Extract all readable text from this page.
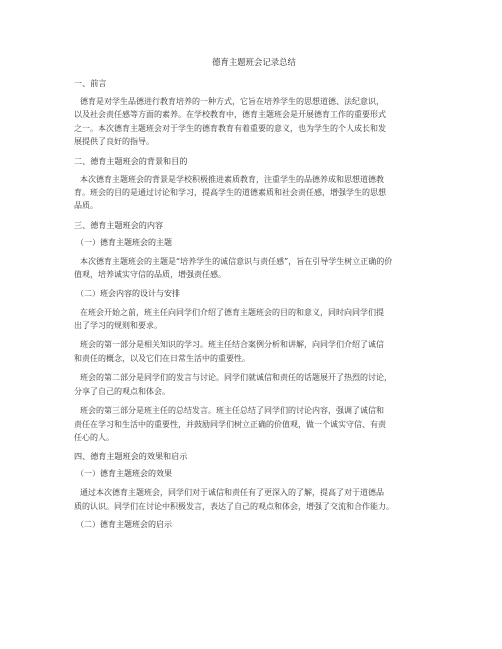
德育主题班会记录总结
一、前言
德育是对学生品德进行教育培养的一种方式，它旨在培养学生的思想道德、法纪意识，
以及社会责任感等方面的素养。在学校教育中，德育主题班会是开展德育工作的重要形式
之一。本次德育主题班会对于学生的德育教育有着重要的意义，也为学生的个人成长和发
展提供了良好的指导。
二、德育主题班会的背景和目的
本次德育主题班会的背景是学校积极推进素质教育，注重学生的品德养成和思想道德教
育。班会的目的是通过讨论和学习，提高学生的道德素质和社会责任感，增强学生的思想
品质。
三、德育主题班会的内容
（一）德育主题班会的主题
本次德育主题班会的主题是“培养学生的诚信意识与责任感”，旨在引导学生树立正确的价
值观，培养诚实守信的品质，增强责任感。
（二）班会内容的设计与安排
在班会开始之前，班主任向同学们介绍了德育主题班会的目的和意义，同时向同学们提
出了学习的规则和要求。
班会的第一部分是相关知识的学习。班主任结合案例分析和讲解，向同学们介绍了诚信
和责任的概念，以及它们在日常生活中的重要性。
班会的第二部分是同学们的发言与讨论。同学们就诚信和责任的话题展开了热烈的讨论，
分享了自己的观点和体会。
班会的第三部分是班主任的总结发言。班主任总结了同学们的讨论内容，强调了诚信和
责任在学习和生活中的重要性，并鼓励同学们树立正确的价值观，做一个诚实守信、有责
任心的人。
四、德育主题班会的效果和启示
（一）德育主题班会的效果
通过本次德育主题班会，同学们对于诚信和责任有了更深入的了解，提高了对于道德品
质的认识。同学们在讨论中积极发言，表达了自己的观点和体会，增强了交流和合作能力。
（二）德育主题班会的启示
